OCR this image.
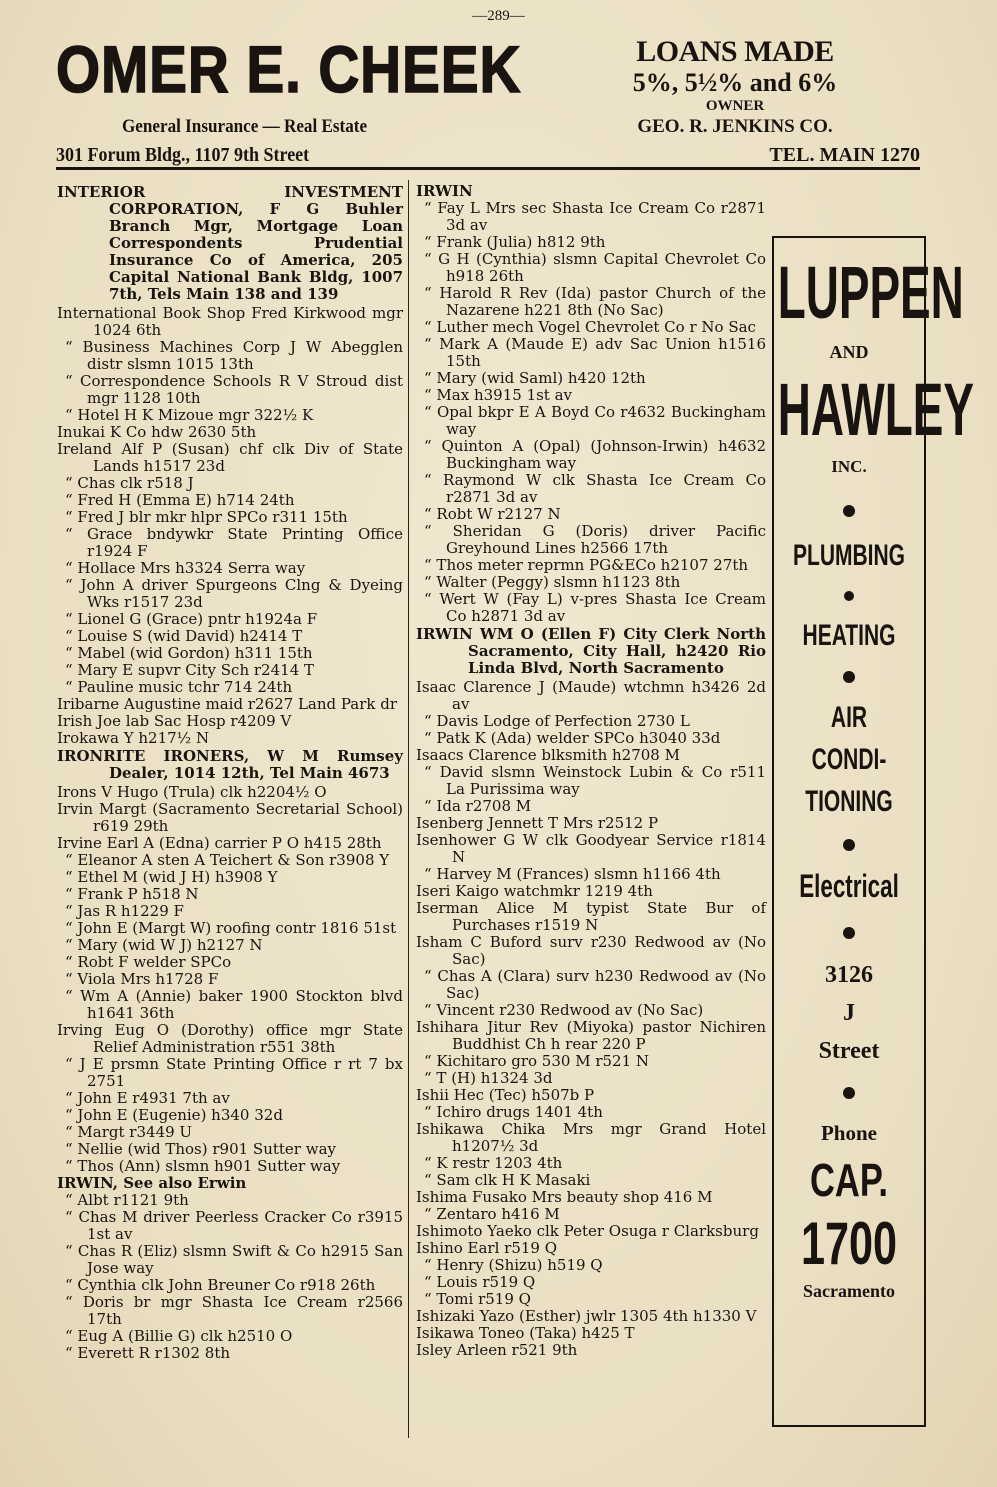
—289—
OMER E. CHEEK
General Insurance — Real Estate
301 Forum Bldg., 1107 9th Street
LOANS MADE
5%, 5½% and 6%
OWNER
GEO. R. JENKINS CO.
TEL. MAIN 1270

INTERIOR INVESTMENT CORPORATION, F G Buhler Branch Mgr, Mortgage Loan Correspondents Prudential Insurance Co of America, 205 Capital National Bank Bldg, 1007 7th, Tels Main 138 and 139

International Book Shop Fred Kirkwood mgr 1024 6th

“ Business Machines Corp J W Abegglen distr slsmn 1015 13th

“ Correspondence Schools R V Stroud dist mgr 1128 10th

“ Hotel H K Mizoue mgr 322½ K

Inukai K Co hdw 2630 5th

Ireland Alf P (Susan) chf clk Div of State Lands h1517 23d

“ Chas clk r518 J

“ Fred H (Emma E) h714 24th

“ Fred J blr mkr hlpr SPCo r311 15th

“ Grace bndywkr State Printing Office r1924 F

“ Hollace Mrs h3324 Serra way

“ John A driver Spurgeons Clng & Dyeing Wks r1517 23d

“ Lionel G (Grace) pntr h1924a F

“ Louise S (wid David) h2414 T

“ Mabel (wid Gordon) h311 15th

“ Mary E supvr City Sch r2414 T

“ Pauline music tchr 714 24th

Iribarne Augustine maid r2627 Land Park dr

Irish Joe lab Sac Hosp r4209 V

Irokawa Y h217½ N

IRONRITE IRONERS, W M Rumsey Dealer, 1014 12th, Tel Main 4673

Irons V Hugo (Trula) clk h2204½ O

Irvin Margt (Sacramento Secretarial School) r619 29th

Irvine Earl A (Edna) carrier P O h415 28th

“ Eleanor A sten A Teichert & Son r3908 Y

“ Ethel M (wid J H) h3908 Y

“ Frank P h518 N

“ Jas R h1229 F

“ John E (Margt W) roofing contr 1816 51st

“ Mary (wid W J) h2127 N

“ Robt F welder SPCo

“ Viola Mrs h1728 F

“ Wm A (Annie) baker 1900 Stockton blvd h1641 36th

Irving Eug O (Dorothy) office mgr State Relief Administration r551 38th

“ J E prsmn State Printing Office r rt 7 bx 2751

“ John E r4931 7th av

“ John E (Eugenie) h340 32d

“ Margt r3449 U

“ Nellie (wid Thos) r901 Sutter way

“ Thos (Ann) slsmn h901 Sutter way

IRWIN, See also Erwin

“ Albt r1121 9th

“ Chas M driver Peerless Cracker Co r3915 1st av

“ Chas R (Eliz) slsmn Swift & Co h2915 San Jose way

“ Cynthia clk John Breuner Co r918 26th

“ Doris br mgr Shasta Ice Cream r2566 17th

“ Eug A (Billie G) clk h2510 O

“ Everett R r1302 8th

IRWIN

“ Fay L Mrs sec Shasta Ice Cream Co r2871 3d av

“ Frank (Julia) h812 9th

“ G H (Cynthia) slsmn Capital Chevrolet Co h918 26th

“ Harold R Rev (Ida) pastor Church of the Nazarene h221 8th (No Sac)

“ Luther mech Vogel Chevrolet Co r No Sac

“ Mark A (Maude E) adv Sac Union h1516 15th

“ Mary (wid Saml) h420 12th

“ Max h3915 1st av

“ Opal bkpr E A Boyd Co r4632 Buckingham way

“ Quinton A (Opal) (Johnson-Irwin) h4632 Buckingham way

“ Raymond W clk Shasta Ice Cream Co r2871 3d av

“ Robt W r2127 N

“ Sheridan G (Doris) driver Pacific Greyhound Lines h2566 17th

“ Thos meter reprmn PG&ECo h2107 27th

“ Walter (Peggy) slsmn h1123 8th

“ Wert W (Fay L) v-pres Shasta Ice Cream Co h2871 3d av

IRWIN WM O (Ellen F) City Clerk North Sacramento, City Hall, h2420 Rio Linda Blvd, North Sacramento

Isaac Clarence J (Maude) wtchmn h3426 2d av

“ Davis Lodge of Perfection 2730 L

“ Patk K (Ada) welder SPCo h3040 33d

Isaacs Clarence blksmith h2708 M

“ David slsmn Weinstock Lubin & Co r511 La Purissima way

“ Ida r2708 M

Isenberg Jennett T Mrs r2512 P

Isenhower G W clk Goodyear Service r1814 N

“ Harvey M (Frances) slsmn h1166 4th

Iseri Kaigo watchmkr 1219 4th

Iserman Alice M typist State Bur of Purchases r1519 N

Isham C Buford surv r230 Redwood av (No Sac)

“ Chas A (Clara) surv h230 Redwood av (No Sac)

“ Vincent r230 Redwood av (No Sac)

Ishihara Jitur Rev (Miyoka) pastor Nichiren Buddhist Ch h rear 220 P

“ Kichitaro gro 530 M r521 N

“ T (H) h1324 3d

Ishii Hec (Tec) h507b P

“ Ichiro drugs 1401 4th

Ishikawa Chika Mrs mgr Grand Hotel h1207½ 3d

“ K restr 1203 4th

“ Sam clk H K Masaki

Ishima Fusako Mrs beauty shop 416 M

“ Zentaro h416 M

Ishimoto Yaeko clk Peter Osuga r Clarksburg

Ishino Earl r519 Q

“ Henry (Shizu) h519 Q

“ Louis r519 Q

“ Tomi r519 Q

Ishizaki Yazo (Esther) jwlr 1305 4th h1330 V

Isikawa Toneo (Taka) h425 T

Isley Arleen r521 9th

LUPPEN
AND
HAWLEY
INC.
PLUMBING
HEATING
AIR
CONDI-
TIONING
Electrical
3126
J
Street
Phone
CAP.
1700
Sacramento
